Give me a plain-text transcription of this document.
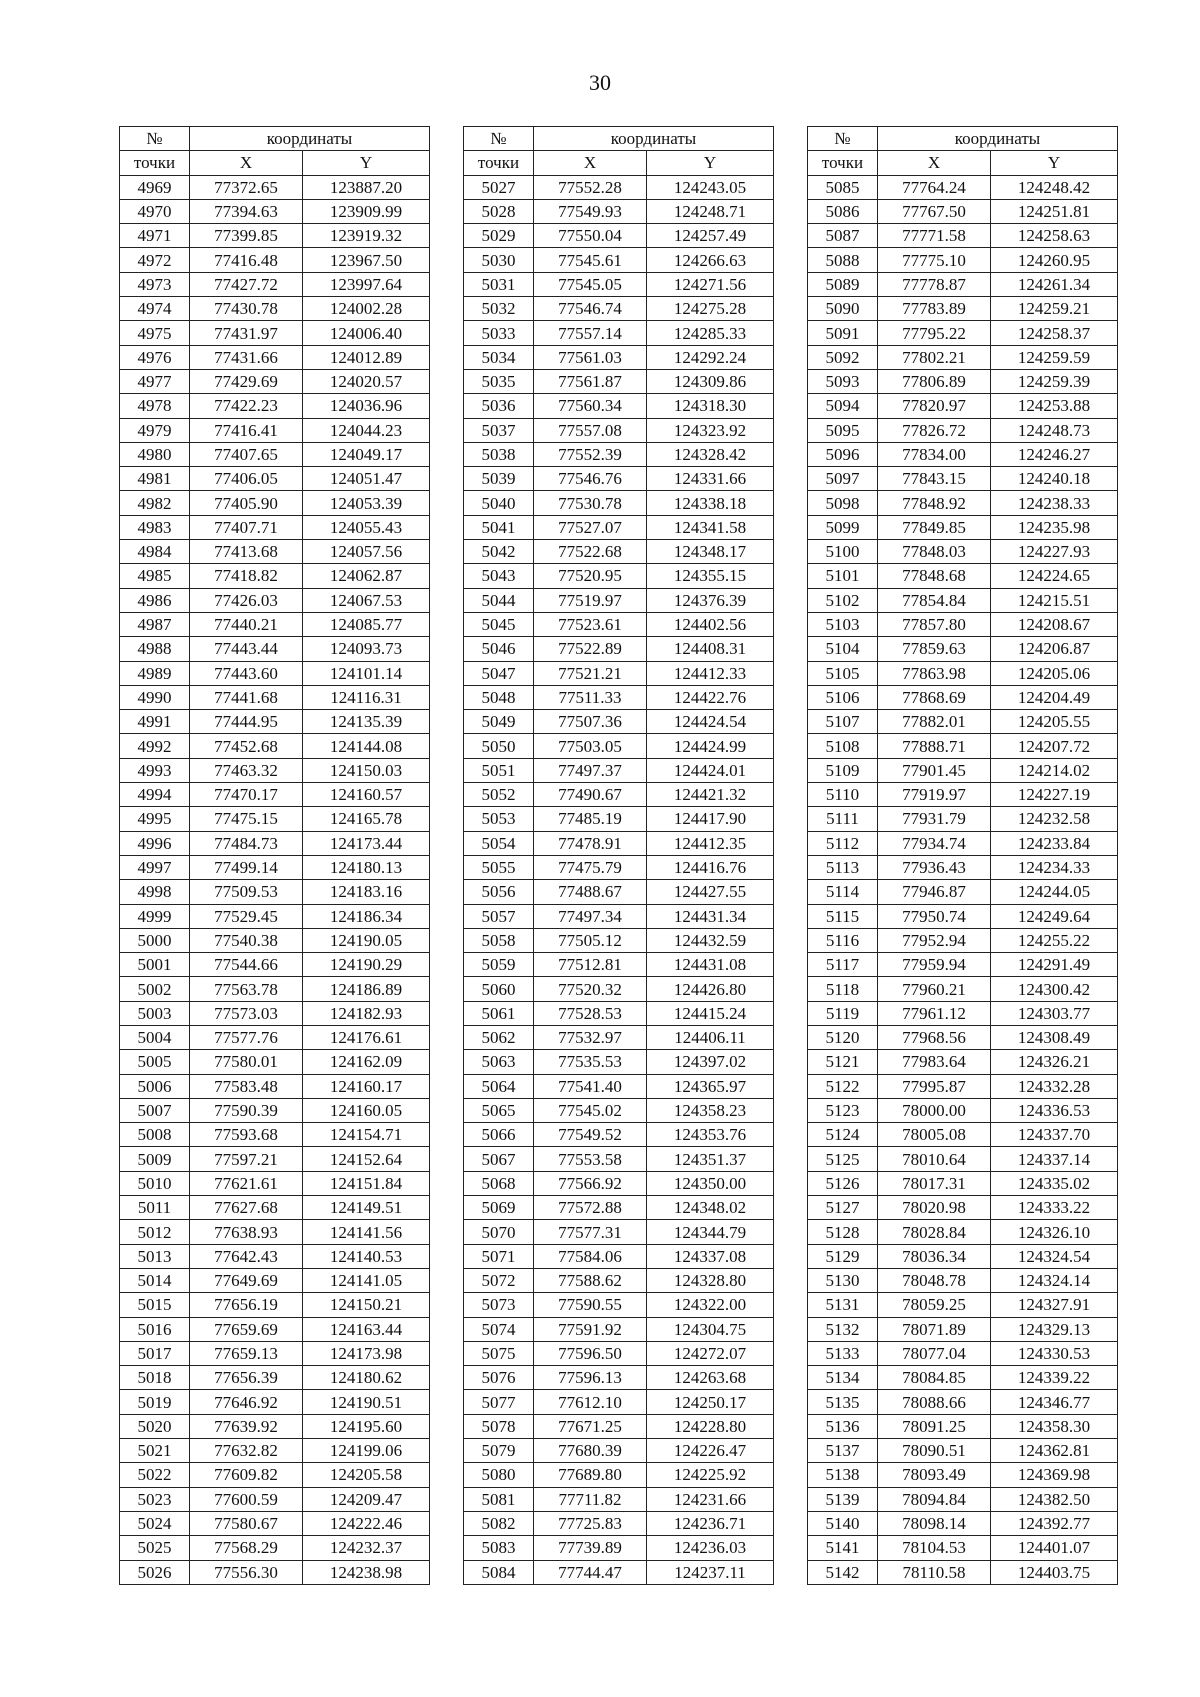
30
№	координаты	
точки	X	Y
4969	77372.65	123887.20
4970	77394.63	123909.99
4971	77399.85	123919.32
4972	77416.48	123967.50
4973	77427.72	123997.64
4974	77430.78	124002.28
4975	77431.97	124006.40
4976	77431.66	124012.89
4977	77429.69	124020.57
4978	77422.23	124036.96
4979	77416.41	124044.23
4980	77407.65	124049.17
4981	77406.05	124051.47
4982	77405.90	124053.39
4983	77407.71	124055.43
4984	77413.68	124057.56
4985	77418.82	124062.87
4986	77426.03	124067.53
4987	77440.21	124085.77
4988	77443.44	124093.73
4989	77443.60	124101.14
4990	77441.68	124116.31
4991	77444.95	124135.39
4992	77452.68	124144.08
4993	77463.32	124150.03
4994	77470.17	124160.57
4995	77475.15	124165.78
4996	77484.73	124173.44
4997	77499.14	124180.13
4998	77509.53	124183.16
4999	77529.45	124186.34
5000	77540.38	124190.05
5001	77544.66	124190.29
5002	77563.78	124186.89
5003	77573.03	124182.93
5004	77577.76	124176.61
5005	77580.01	124162.09
5006	77583.48	124160.17
5007	77590.39	124160.05
5008	77593.68	124154.71
5009	77597.21	124152.64
5010	77621.61	124151.84
5011	77627.68	124149.51
5012	77638.93	124141.56
5013	77642.43	124140.53
5014	77649.69	124141.05
5015	77656.19	124150.21
5016	77659.69	124163.44
5017	77659.13	124173.98
5018	77656.39	124180.62
5019	77646.92	124190.51
5020	77639.92	124195.60
5021	77632.82	124199.06
5022	77609.82	124205.58
5023	77600.59	124209.47
5024	77580.67	124222.46
5025	77568.29	124232.37
5026	77556.30	124238.98
№	координаты	
точки	X	Y
5027	77552.28	124243.05
5028	77549.93	124248.71
5029	77550.04	124257.49
5030	77545.61	124266.63
5031	77545.05	124271.56
5032	77546.74	124275.28
5033	77557.14	124285.33
5034	77561.03	124292.24
5035	77561.87	124309.86
5036	77560.34	124318.30
5037	77557.08	124323.92
5038	77552.39	124328.42
5039	77546.76	124331.66
5040	77530.78	124338.18
5041	77527.07	124341.58
5042	77522.68	124348.17
5043	77520.95	124355.15
5044	77519.97	124376.39
5045	77523.61	124402.56
5046	77522.89	124408.31
5047	77521.21	124412.33
5048	77511.33	124422.76
5049	77507.36	124424.54
5050	77503.05	124424.99
5051	77497.37	124424.01
5052	77490.67	124421.32
5053	77485.19	124417.90
5054	77478.91	124412.35
5055	77475.79	124416.76
5056	77488.67	124427.55
5057	77497.34	124431.34
5058	77505.12	124432.59
5059	77512.81	124431.08
5060	77520.32	124426.80
5061	77528.53	124415.24
5062	77532.97	124406.11
5063	77535.53	124397.02
5064	77541.40	124365.97
5065	77545.02	124358.23
5066	77549.52	124353.76
5067	77553.58	124351.37
5068	77566.92	124350.00
5069	77572.88	124348.02
5070	77577.31	124344.79
5071	77584.06	124337.08
5072	77588.62	124328.80
5073	77590.55	124322.00
5074	77591.92	124304.75
5075	77596.50	124272.07
5076	77596.13	124263.68
5077	77612.10	124250.17
5078	77671.25	124228.80
5079	77680.39	124226.47
5080	77689.80	124225.92
5081	77711.82	124231.66
5082	77725.83	124236.71
5083	77739.89	124236.03
5084	77744.47	124237.11
№	координаты	
точки	X	Y
5085	77764.24	124248.42
5086	77767.50	124251.81
5087	77771.58	124258.63
5088	77775.10	124260.95
5089	77778.87	124261.34
5090	77783.89	124259.21
5091	77795.22	124258.37
5092	77802.21	124259.59
5093	77806.89	124259.39
5094	77820.97	124253.88
5095	77826.72	124248.73
5096	77834.00	124246.27
5097	77843.15	124240.18
5098	77848.92	124238.33
5099	77849.85	124235.98
5100	77848.03	124227.93
5101	77848.68	124224.65
5102	77854.84	124215.51
5103	77857.80	124208.67
5104	77859.63	124206.87
5105	77863.98	124205.06
5106	77868.69	124204.49
5107	77882.01	124205.55
5108	77888.71	124207.72
5109	77901.45	124214.02
5110	77919.97	124227.19
5111	77931.79	124232.58
5112	77934.74	124233.84
5113	77936.43	124234.33
5114	77946.87	124244.05
5115	77950.74	124249.64
5116	77952.94	124255.22
5117	77959.94	124291.49
5118	77960.21	124300.42
5119	77961.12	124303.77
5120	77968.56	124308.49
5121	77983.64	124326.21
5122	77995.87	124332.28
5123	78000.00	124336.53
5124	78005.08	124337.70
5125	78010.64	124337.14
5126	78017.31	124335.02
5127	78020.98	124333.22
5128	78028.84	124326.10
5129	78036.34	124324.54
5130	78048.78	124324.14
5131	78059.25	124327.91
5132	78071.89	124329.13
5133	78077.04	124330.53
5134	78084.85	124339.22
5135	78088.66	124346.77
5136	78091.25	124358.30
5137	78090.51	124362.81
5138	78093.49	124369.98
5139	78094.84	124382.50
5140	78098.14	124392.77
5141	78104.53	124401.07
5142	78110.58	124403.75
